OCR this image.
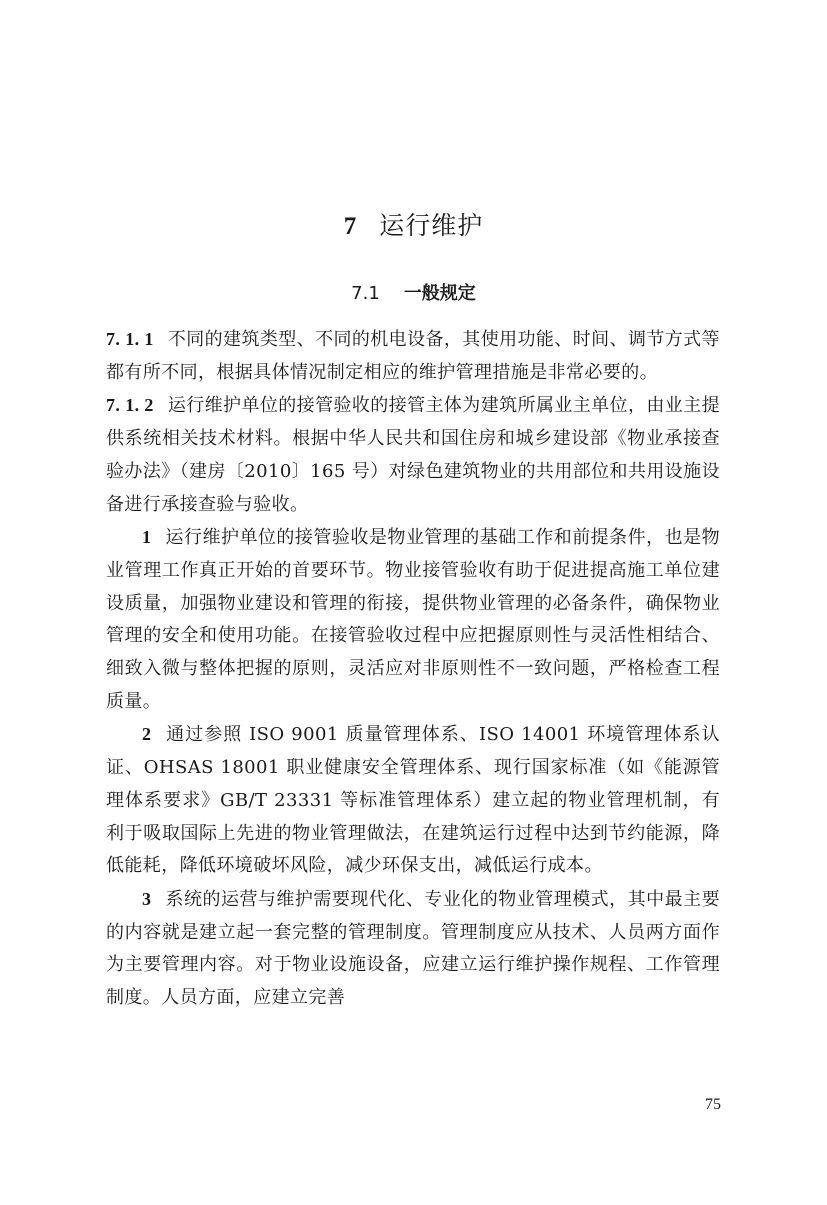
7 运行维护
7.1 一般规定

7. 1. 1 不同的建筑类型、不同的机电设备，其使用功能、时间、调节方式等都有所不同，根据具体情况制定相应的维护管理措施是非常必要的。

7. 1. 2 运行维护单位的接管验收的接管主体为建筑所属业主单位，由业主提供系统相关技术材料。根据中华人民共和国住房和城乡建设部《物业承接查验办法》（建房〔2010〕165 号）对绿色建筑物业的共用部位和共用设施设备进行承接查验与验收。

1 运行维护单位的接管验收是物业管理的基础工作和前提条件，也是物业管理工作真正开始的首要环节。物业接管验收有助于促进提高施工单位建设质量，加强物业建设和管理的衔接，提供物业管理的必备条件，确保物业管理的安全和使用功能。在接管验收过程中应把握原则性与灵活性相结合、细致入微与整体把握的原则，灵活应对非原则性不一致问题，严格检查工程质量。

2 通过参照 ISO 9001 质量管理体系、ISO 14001 环境管理体系认证、OHSAS 18001 职业健康安全管理体系、现行国家标准（如《能源管理体系要求》GB/T 23331 等标准管理体系）建立起的物业管理机制，有利于吸取国际上先进的物业管理做法，在建筑运行过程中达到节约能源，降低能耗，降低环境破坏风险，减少环保支出，减低运行成本。

3 系统的运营与维护需要现代化、专业化的物业管理模式，其中最主要的内容就是建立起一套完整的管理制度。管理制度应从技术、人员两方面作为主要管理内容。对于物业设施设备，应建立运行维护操作规程、工作管理制度。人员方面，应建立完善

75
